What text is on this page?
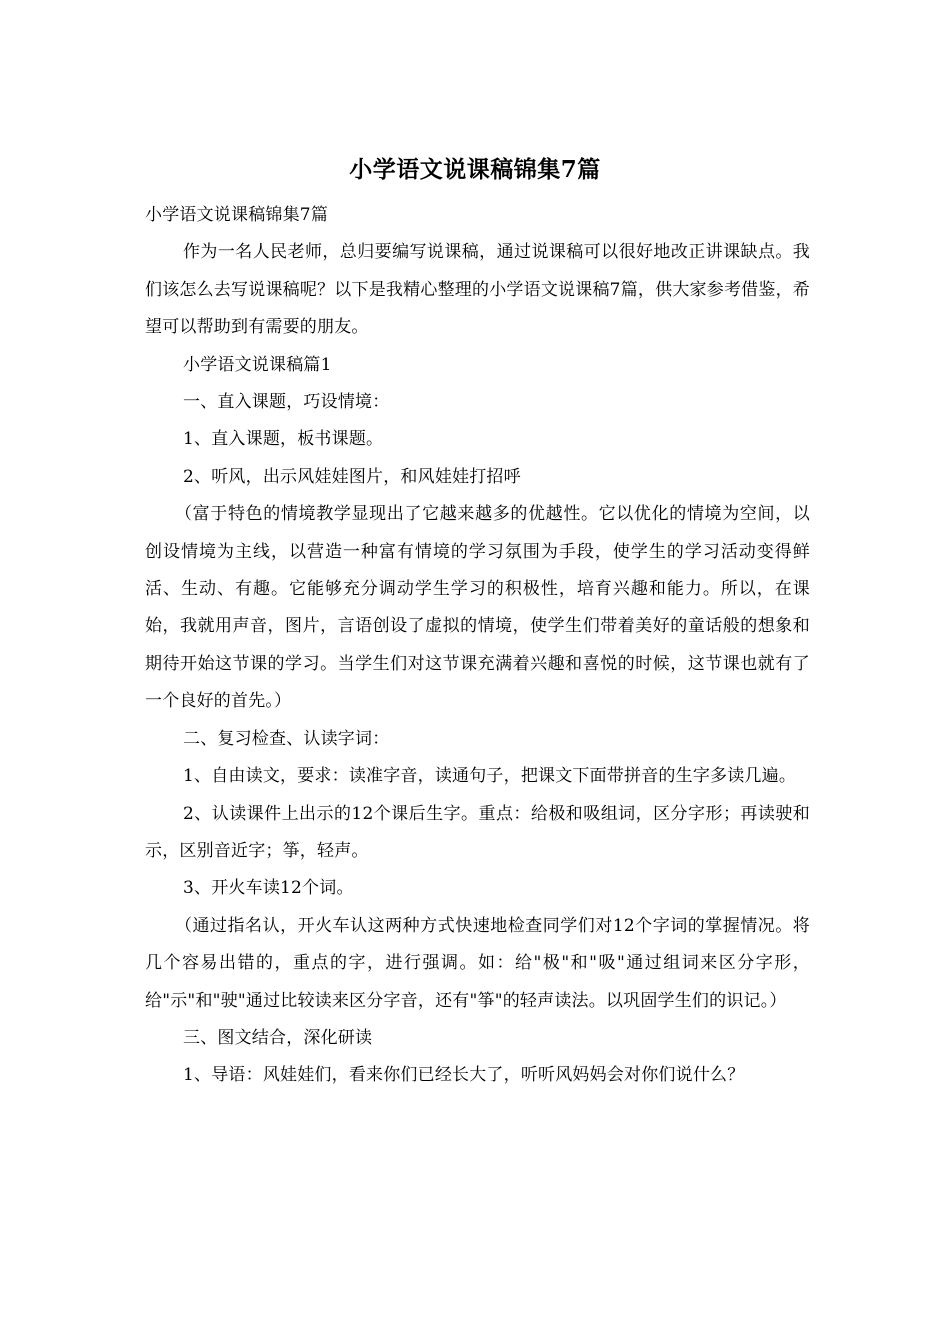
小学语文说课稿锦集7篇

小学语文说课稿锦集7篇

作为一名人民老师，总归要编写说课稿，通过说课稿可以很好地改正讲课缺点。我们该怎么去写说课稿呢？以下是我精心整理的小学语文说课稿7篇，供大家参考借鉴，希望可以帮助到有需要的朋友。

小学语文说课稿篇1

一、直入课题，巧设情境：

1、直入课题，板书课题。

2、听风，出示风娃娃图片，和风娃娃打招呼

（富于特色的情境教学显现出了它越来越多的优越性。它以优化的情境为空间，以创设情境为主线，以营造一种富有情境的学习氛围为手段，使学生的学习活动变得鲜活、生动、有趣。它能够充分调动学生学习的积极性，培育兴趣和能力。所以，在课始，我就用声音，图片，言语创设了虚拟的情境，使学生们带着美好的童话般的想象和期待开始这节课的学习。当学生们对这节课充满着兴趣和喜悦的时候，这节课也就有了一个良好的首先。）

二、复习检查、认读字词：

1、自由读文，要求：读准字音，读通句子，把课文下面带拼音的生字多读几遍。

2、认读课件上出示的12个课后生字。重点：给极和吸组词，区分字形；再读驶和示，区别音近字；筝，轻声。

3、开火车读12个词。

（通过指名认，开火车认这两种方式快速地检查同学们对12个字词的掌握情况。将几个容易出错的，重点的字，进行强调。如：给"极"和"吸"通过组词来区分字形，给"示"和"驶"通过比较读来区分字音，还有"筝"的轻声读法。以巩固学生们的识记。）

三、图文结合，深化研读

1、导语：风娃娃们，看来你们已经长大了，听听风妈妈会对你们说什么？
